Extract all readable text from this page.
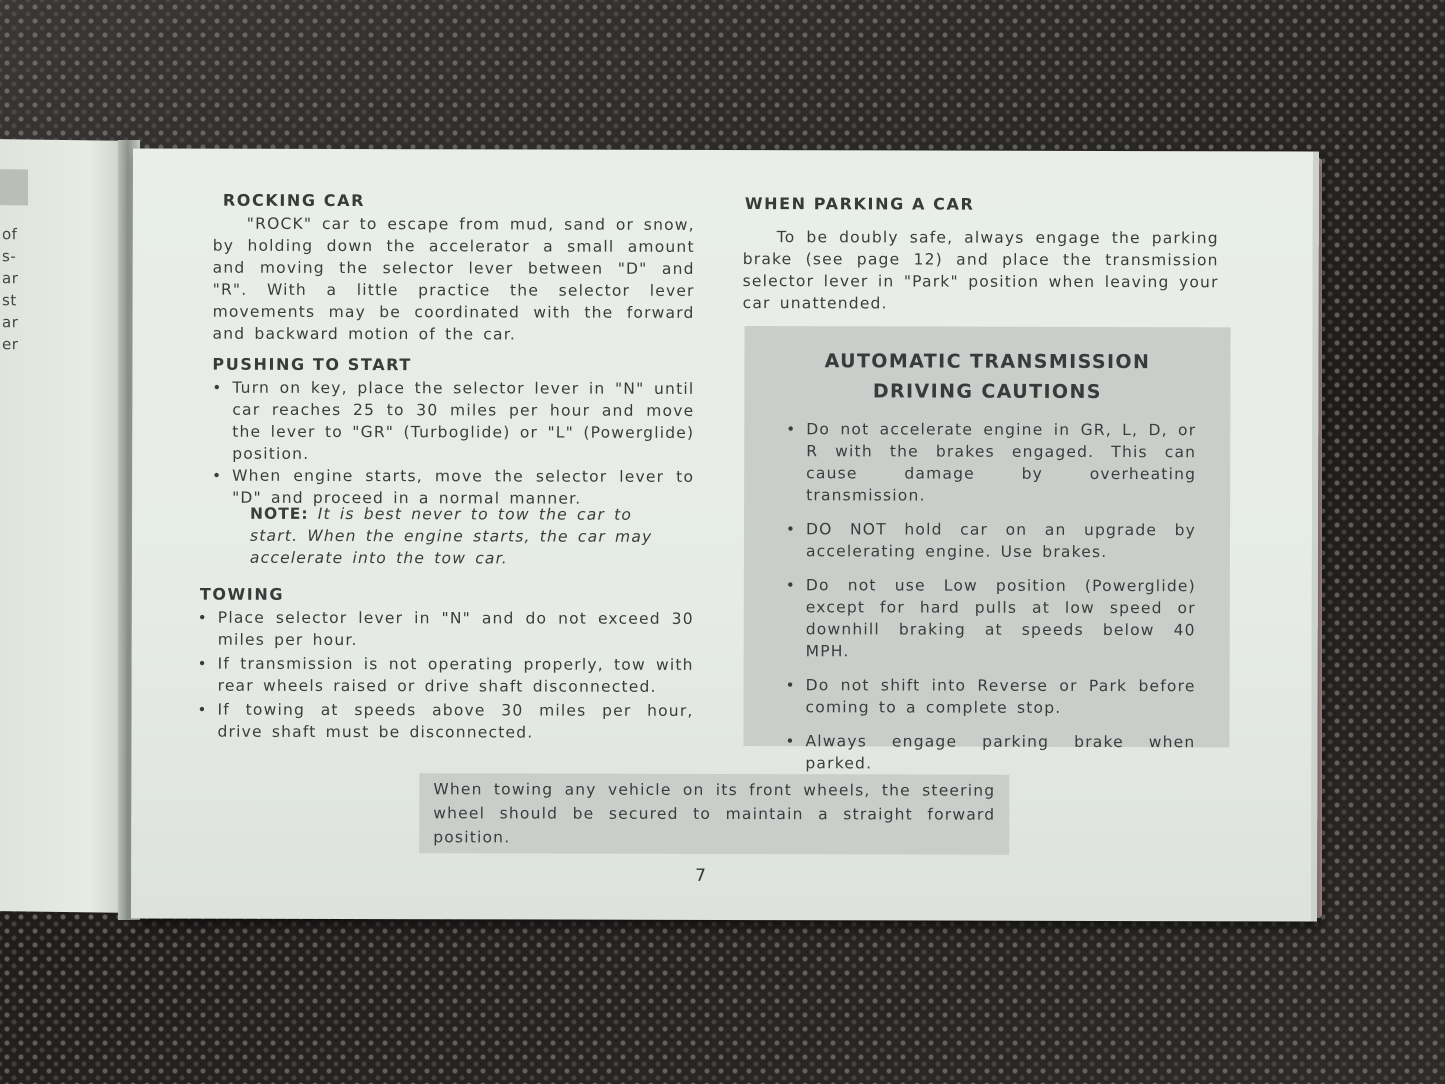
of
s-
ar
st
ar
er
ROCKING CAR
"ROCK" car to escape from mud, sand or snow, by holding down the accelerator a small amount and moving the selector lever between "D" and "R". With a little practice the selector lever movements may be coordinated with the forward and backward motion of the car.
PUSHING TO START
• Turn on key, place the selector lever in "N" until car reaches 25 to 30 miles per hour and move the lever to "GR" (Turboglide) or "L" (Powerglide) position.
• When engine starts, move the selector lever to "D" and proceed in a normal manner.
NOTE: It is best never to tow the car to start. When the engine starts, the car may accelerate into the tow car.
TOWING
• Place selector lever in "N" and do not exceed 30 miles per hour.
• If transmission is not operating properly, tow with rear wheels raised or drive shaft disconnected.
• If towing at speeds above 30 miles per hour, drive shaft must be disconnected.
WHEN PARKING A CAR
To be doubly safe, always engage the parking brake (see page 12) and place the transmission selector lever in "Park" position when leaving your car unattended.
AUTOMATIC TRANSMISSION
DRIVING CAUTIONS
• Do not accelerate engine in GR, L, D, or R with the brakes engaged. This can cause damage by overheating transmission.
• DO NOT hold car on an upgrade by accelerating engine. Use brakes.
• Do not use Low position (Powerglide) except for hard pulls at low speed or downhill braking at speeds below 40 MPH.
• Do not shift into Reverse or Park before coming to a complete stop.
• Always engage parking brake when parked.
When towing any vehicle on its front wheels, the steering wheel should be secured to maintain a straight forward position.
7
